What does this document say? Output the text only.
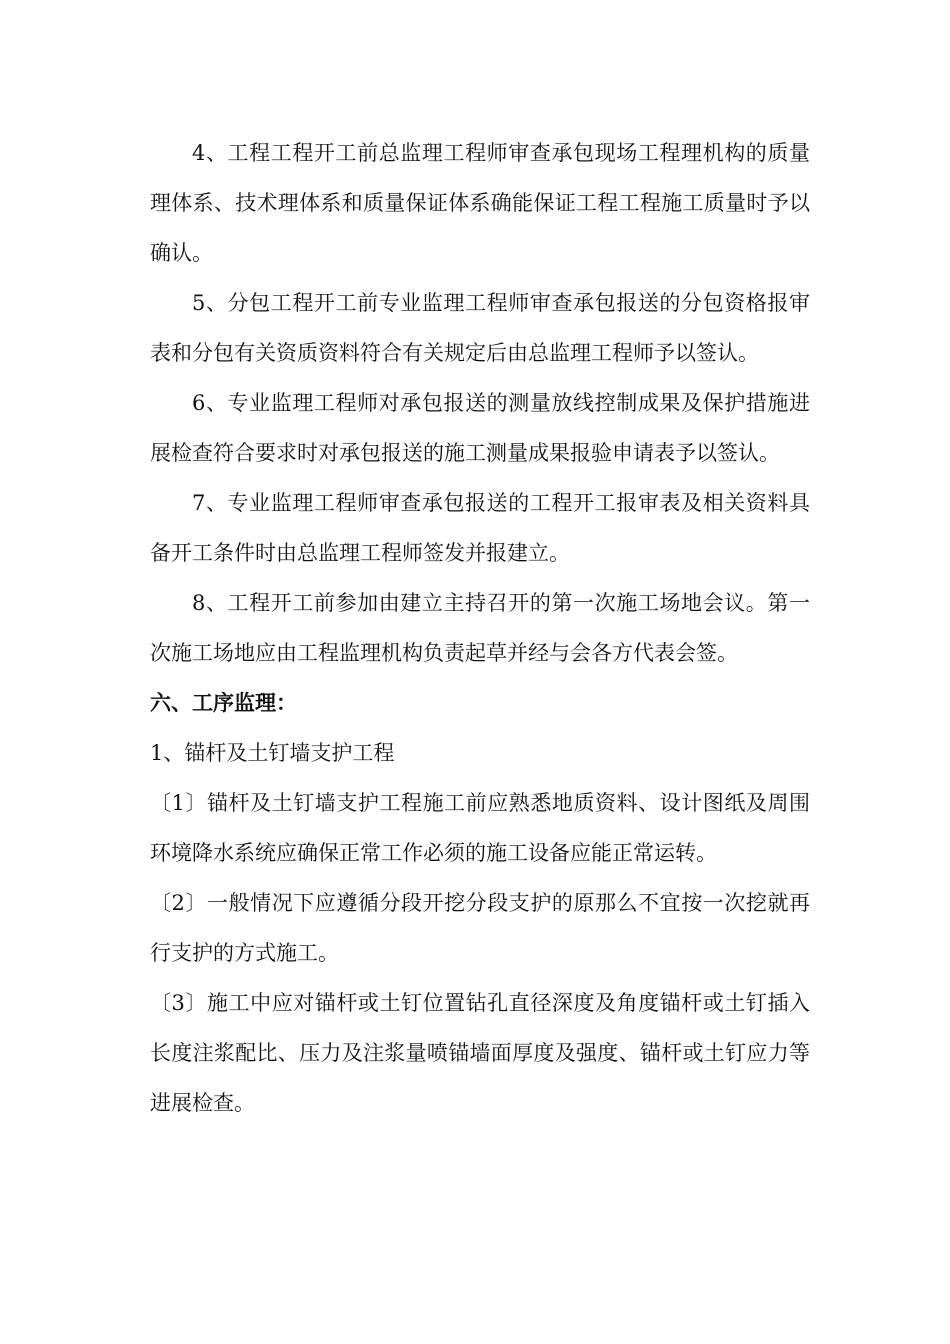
4、工程工程开工前总监理工程师审查承包现场工程理机构的质量理体系、技术理体系和质量保证体系确能保证工程工程施工质量时予以确认。

5、分包工程开工前专业监理工程师审查承包报送的分包资格报审表和分包有关资质资料符合有关规定后由总监理工程师予以签认。

6、专业监理工程师对承包报送的测量放线控制成果及保护措施进展检查符合要求时对承包报送的施工测量成果报验申请表予以签认。

7、专业监理工程师审查承包报送的工程开工报审表及相关资料具备开工条件时由总监理工程师签发并报建立。

8、工程开工前参加由建立主持召开的第一次施工场地会议。第一次施工场地应由工程监理机构负责起草并经与会各方代表会签。

六、工序监理：

1、锚杆及土钉墙支护工程

〔1〕锚杆及土钉墙支护工程施工前应熟悉地质资料、设计图纸及周围环境降水系统应确保正常工作必须的施工设备应能正常运转。

〔2〕一般情况下应遵循分段开挖分段支护的原那么不宜按一次挖就再行支护的方式施工。

〔3〕施工中应对锚杆或土钉位置钻孔直径深度及角度锚杆或土钉插入长度注浆配比、压力及注浆量喷锚墙面厚度及强度、锚杆或土钉应力等进展检查。
